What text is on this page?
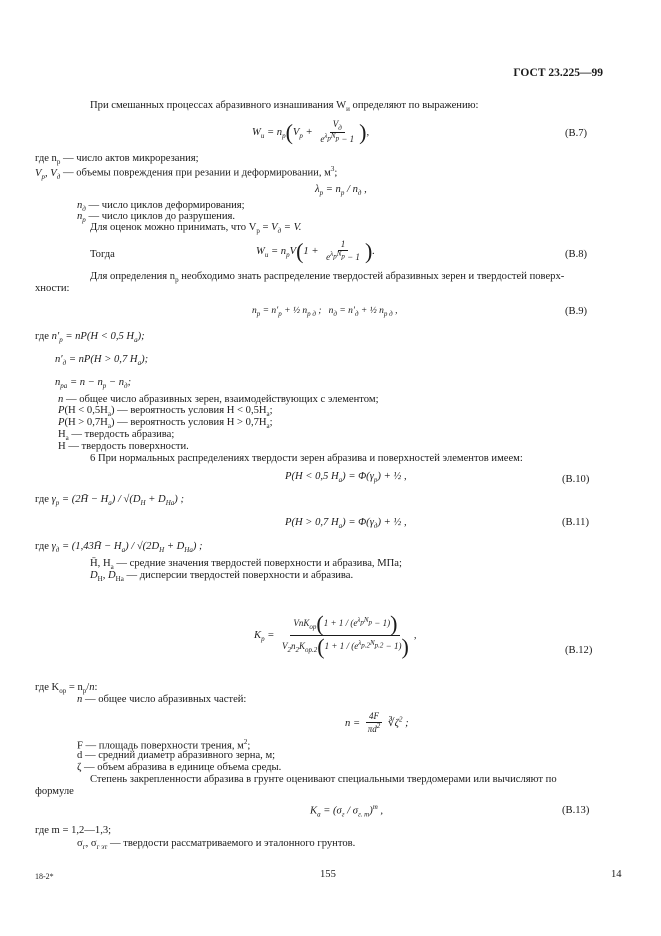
ГОСТ 23.225—99
При смешанных процессах абразивного изнашивания $W_и$ определяют по выражению:
$W_и = n_р(V_р + \frac{V_д}{e^{\lambda_рN_р} - 1}$ ),	(В.7)
где $n_р$ — число актов микрорезания;
$V_р$, $V_д$ — объемы повреждения при резании и деформировании, $м^3$;
$\lambda_р = n_р / n_д$ ,
$n_д$ — число циклов деформирования;
$n_р$ — число циклов до разрушения.
Для оценок можно принимать, что $V_р = V_д = V$.
Тогда	$W_и = n_рV(1 + \frac{1}{e^{\lambda_рN_р} - 1}$ ).	(В.8)
Для определения $n_р$ необходимо знать распределение твердостей абразивных зерен и твердостей поверх-
хности:
$n_р = n'_р$ + ½ $n_{р д}$ ;   $n_д = n'_д$ + ½ $n_{р д}$ ,	(В.9)
где $n'_р = nP(H < 0,5$ $H_а$);
$n'_д = nP(H > 0,7$ $H_а$);
$n_{ра} = n - n_р - n_д$;
n — общее число абразивных зерен, взаимодействующих с элементом;
$P(H < 0,5H_а)$ — вероятность условия $H < 0,5H_а$;
$P(H > 0,7H_а)$ — вероятность условия $H > 0,7H_а$;
$H_а$ — твердость абразива;
H — твердость поверхности.
6 При нормальных распределениях твердости зерен абразива и поверхностей элементов имеем:
P(H < 0,5 $H_а) = \Phi(\gamma_р)$ + ½ ,	(В.10)
где $\gamma_р$ = (2H̄ − $H_а) / √(D_H + D_{Hа})$ ;
P(H > 0,7 $H_а) = \Phi(\gamma_д)$ + ½ ,	(В.11)
где $\gamma_д$ = (1,43H̄ − $H_а) / √(2D_H + D_{Hа})$ ;
H̄, $H_а$ — средние значения твердостей поверхности и абразива, МПа;
$D_H$, $D_{Hа}$ — дисперсии твердостей поверхности и абразива.
$K_р = \frac{VnK_{ор}(1 + 1 / (e^{\lambda_рN_р} - 1))}{V_2n_2K_{ор.2}(1 + 1 / (e^{\lambda_{р.2}N_{р.2}} - 1))}$ ,
(В.12)
где $K_{ор} = n_р/n$:
n — общее число абразивных частей:
$n = \frac{4F}{\pi d^2}$ $∛\zeta^2$ ;
F — площадь поверхности трения, $м^2$;
d — средний диаметр абразивного зерна, м;
ζ — объем абразива в единице объема среды.
Степень закрепленности абразива в грунте оценивают специальными твердомерами или вычисляют по
формуле
$K_а = (\sigma_г / \sigma_{г. т})^m$ ,	(В.13)
где m = 1,2—1,3;
$\sigma_г$, $\sigma_{г эт}$ — твердости рассматриваемого и эталонного грунтов.
18-2*	155	14
